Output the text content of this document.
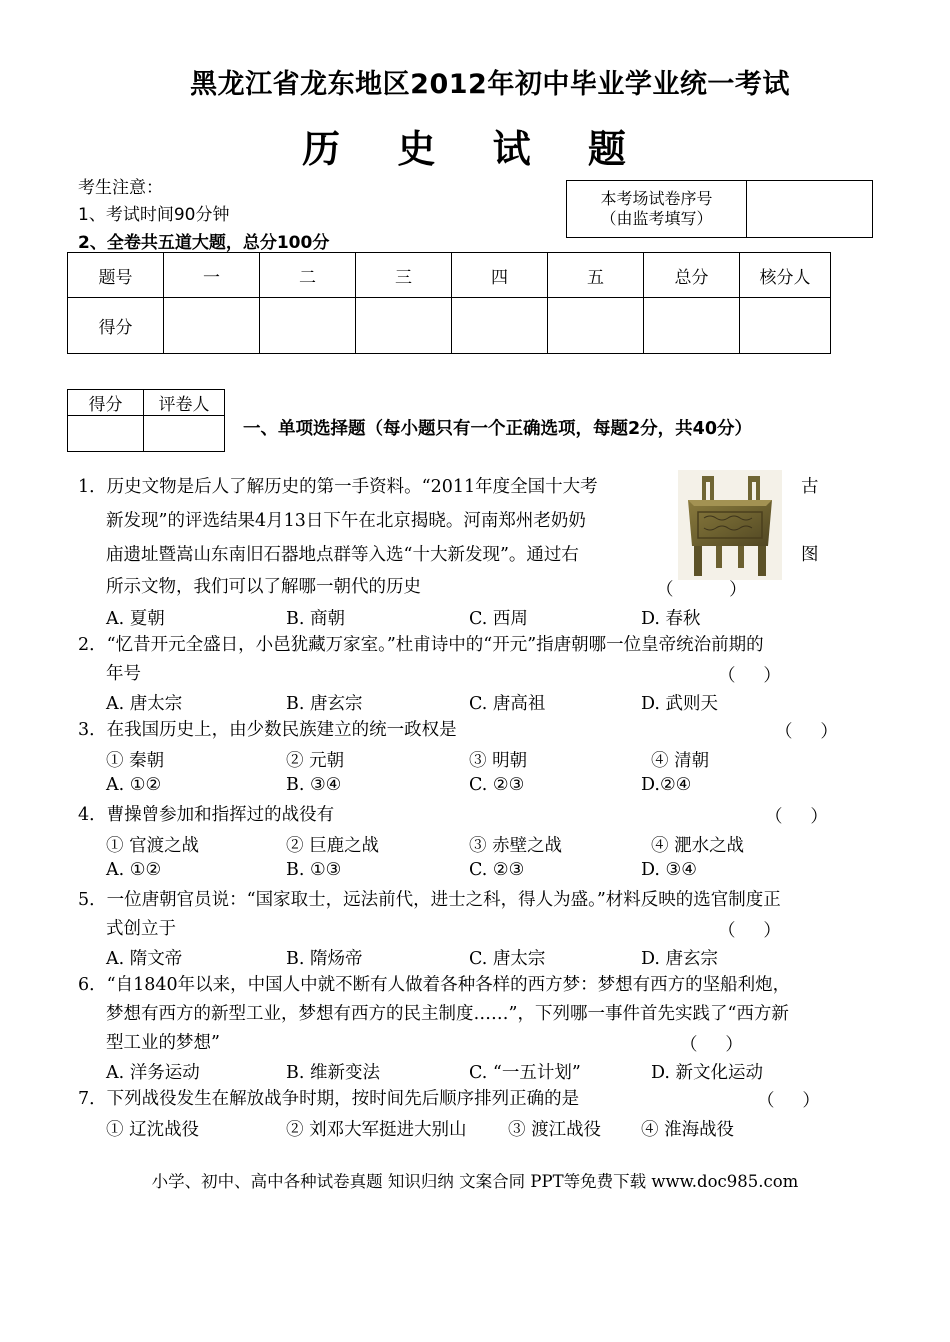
黑龙江省龙东地区2012年初中毕业学业统一考试
历 史 试 题
考生注意：
1、考试时间90分钟
2、全卷共五道大题，总分100分
本考场试卷序号
（由监考填写）

题号	一	二	三	四	五	总分	核分人
得分							
得分	评卷人

一、单项选择题（每小题只有一个正确选项，每题2分，共40分）
1．历史文物是后人了解历史的第一手资料。“2011年度全国十大考
新发现”的评选结果4月13日下午在北京揭晓。河南郑州老奶奶
庙遗址暨嵩山东南旧石器地点群等入选“十大新发现”。通过右
所示文物，我们可以了解哪一朝代的历史
古
图
（          ）
A. 夏朝	B. 商朝	C. 西周	D. 春秋
2．“忆昔开元全盛日，小邑犹藏万家室。”杜甫诗中的“开元”指唐朝哪一位皇帝统治前期的
年号	（     ）
A. 唐太宗	B. 唐玄宗	C. 唐高祖	D. 武则天
3．在我国历史上，由少数民族建立的统一政权是	（     ）
① 秦朝	② 元朝	③ 明朝	④ 清朝
A. ①②	B. ③④	C. ②③	D.②④
4．曹操曾参加和指挥过的战役有	（     ）
① 官渡之战	② 巨鹿之战	③ 赤壁之战	④ 淝水之战
A. ①②	B. ①③	C. ②③	D. ③④
5．一位唐朝官员说：“国家取士，远法前代，进士之科，得人为盛。”材料反映的选官制度正
式创立于	（     ）
A. 隋文帝	B. 隋炀帝	C. 唐太宗	D. 唐玄宗
6．“自1840年以来，中国人中就不断有人做着各种各样的西方梦：梦想有西方的坚船利炮，
梦想有西方的新型工业，梦想有西方的民主制度……”，下列哪一事件首先实践了“西方新
型工业的梦想”	（     ）
A. 洋务运动	B. 维新变法	C. “一五计划”	D. 新文化运动
7．下列战役发生在解放战争时期，按时间先后顺序排列正确的是	（     ）
① 辽沈战役	② 刘邓大军挺进大别山 ③ 渡江战役 ④ 淮海战役
小学、初中、高中各种试卷真题 知识归纳 文案合同 PPT等免费下载 www.doc985.com
